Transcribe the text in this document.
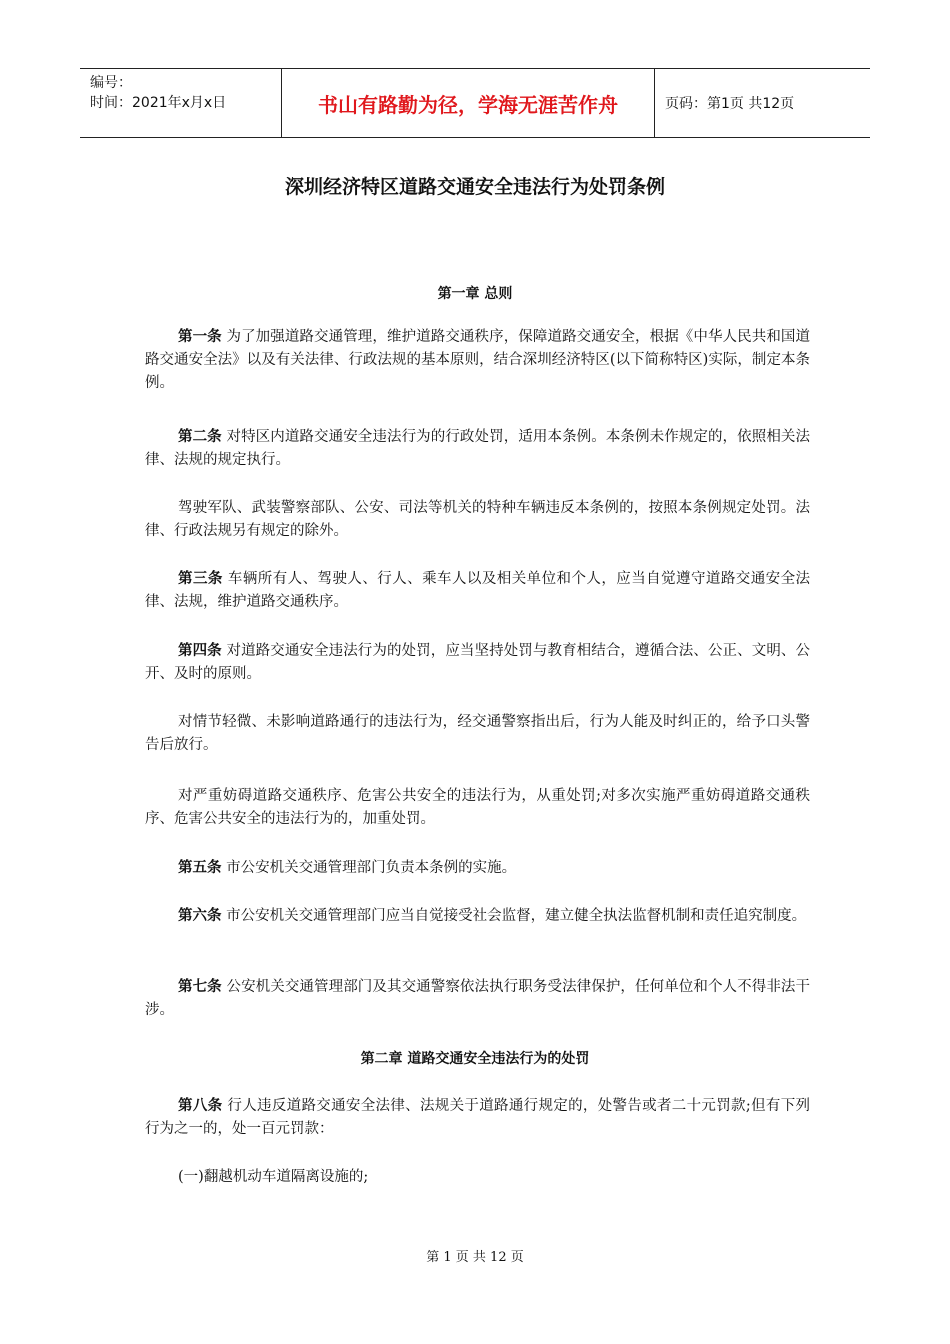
编号：
时间：2021年x月x日	书山有路勤为径，学海无涯苦作舟	页码：第1页 共12页
深圳经济特区道路交通安全违法行为处罚条例
第一章 总则
第一条 为了加强道路交通管理，维护道路交通秩序，保障道路交通安全，根据《中华人民共和国道路交通安全法》以及有关法律、行政法规的基本原则，结合深圳经济特区(以下简称特区)实际，制定本条例。
第二条 对特区内道路交通安全违法行为的行政处罚，适用本条例。本条例未作规定的，依照相关法律、法规的规定执行。
驾驶军队、武装警察部队、公安、司法等机关的特种车辆违反本条例的，按照本条例规定处罚。法律、行政法规另有规定的除外。
第三条 车辆所有人、驾驶人、行人、乘车人以及相关单位和个人，应当自觉遵守道路交通安全法律、法规，维护道路交通秩序。
第四条 对道路交通安全违法行为的处罚，应当坚持处罚与教育相结合，遵循合法、公正、文明、公开、及时的原则。
对情节轻微、未影响道路通行的违法行为，经交通警察指出后，行为人能及时纠正的，给予口头警告后放行。
对严重妨碍道路交通秩序、危害公共安全的违法行为，从重处罚;对多次实施严重妨碍道路交通秩序、危害公共安全的违法行为的，加重处罚。
第五条 市公安机关交通管理部门负责本条例的实施。
第六条 市公安机关交通管理部门应当自觉接受社会监督，建立健全执法监督机制和责任追究制度。
第七条 公安机关交通管理部门及其交通警察依法执行职务受法律保护，任何单位和个人不得非法干涉。
第二章 道路交通安全违法行为的处罚
第八条 行人违反道路交通安全法律、法规关于道路通行规定的，处警告或者二十元罚款;但有下列行为之一的，处一百元罚款：
(一)翻越机动车道隔离设施的;
第 1 页 共 12 页
